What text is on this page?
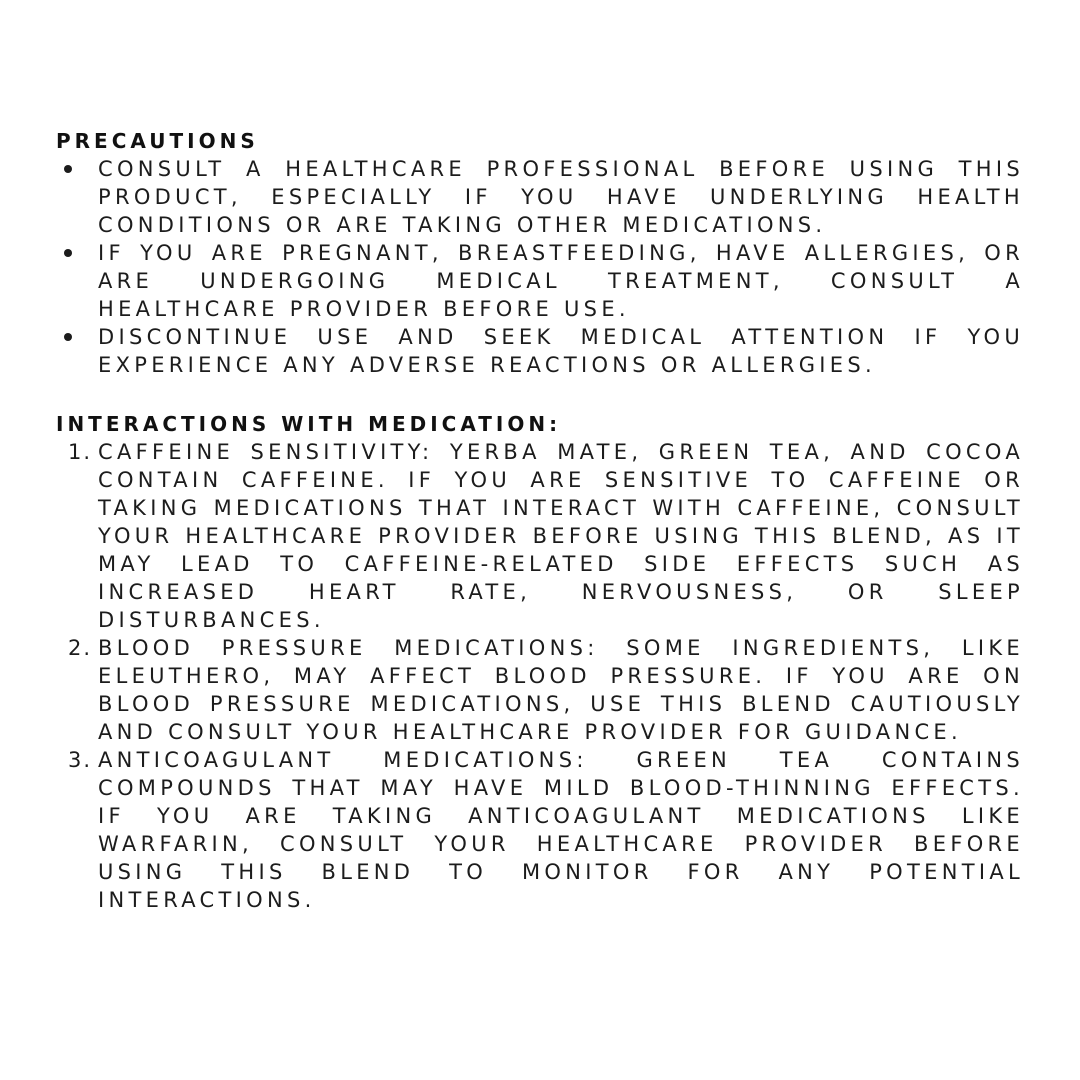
PRECAUTIONS
CONSULT A HEALTHCARE PROFESSIONAL BEFORE USING THIS PRODUCT, ESPECIALLY IF YOU HAVE UNDERLYING HEALTH CONDITIONS OR ARE TAKING OTHER MEDICATIONS.
IF YOU ARE PREGNANT, BREASTFEEDING, HAVE ALLERGIES, OR ARE UNDERGOING MEDICAL TREATMENT, CONSULT A HEALTHCARE PROVIDER BEFORE USE.
DISCONTINUE USE AND SEEK MEDICAL ATTENTION IF YOU EXPERIENCE ANY ADVERSE REACTIONS OR ALLERGIES.
INTERACTIONS WITH MEDICATION:
1. CAFFEINE SENSITIVITY: YERBA MATE, GREEN TEA, AND COCOA CONTAIN CAFFEINE. IF YOU ARE SENSITIVE TO CAFFEINE OR TAKING MEDICATIONS THAT INTERACT WITH CAFFEINE, CONSULT YOUR HEALTHCARE PROVIDER BEFORE USING THIS BLEND, AS IT MAY LEAD TO CAFFEINE-RELATED SIDE EFFECTS SUCH AS INCREASED HEART RATE, NERVOUSNESS, OR SLEEP DISTURBANCES.
2. BLOOD PRESSURE MEDICATIONS: SOME INGREDIENTS, LIKE ELEUTHERO, MAY AFFECT BLOOD PRESSURE. IF YOU ARE ON BLOOD PRESSURE MEDICATIONS, USE THIS BLEND CAUTIOUSLY AND CONSULT YOUR HEALTHCARE PROVIDER FOR GUIDANCE.
3. ANTICOAGULANT MEDICATIONS: GREEN TEA CONTAINS COMPOUNDS THAT MAY HAVE MILD BLOOD-THINNING EFFECTS. IF YOU ARE TAKING ANTICOAGULANT MEDICATIONS LIKE WARFARIN, CONSULT YOUR HEALTHCARE PROVIDER BEFORE USING THIS BLEND TO MONITOR FOR ANY POTENTIAL INTERACTIONS.
